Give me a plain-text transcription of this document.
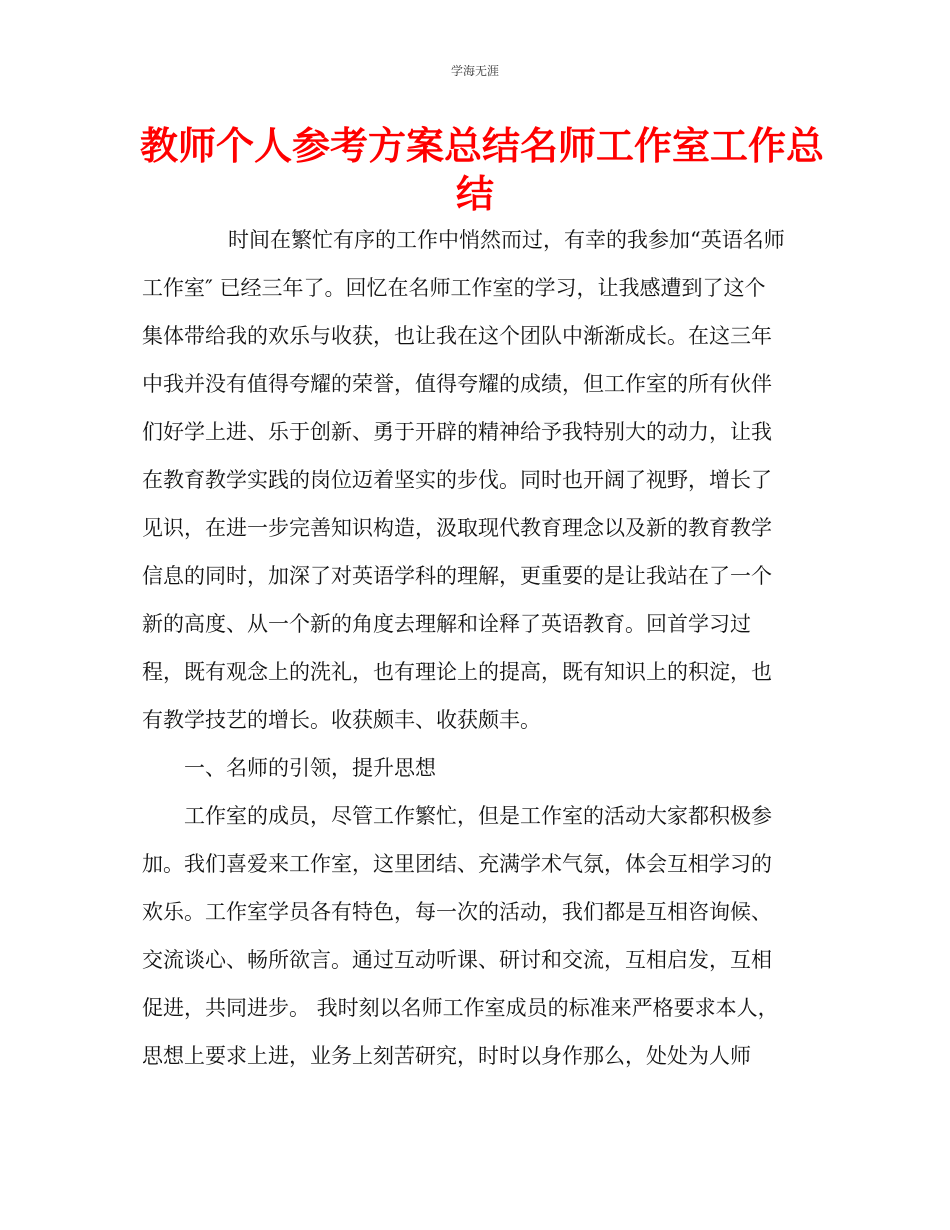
学海无涯
教师个人参考方案总结名师工作室工作总
结
时间在繁忙有序的工作中悄然而过，有幸的我参加“英语名师
工作室″ 已经三年了。回忆在名师工作室的学习，让我感遭到了这个
集体带给我的欢乐与收获，也让我在这个团队中渐渐成长。在这三年
中我并没有值得夸耀的荣誉，值得夸耀的成绩，但工作室的所有伙伴
们好学上进、乐于创新、勇于开辟的精神给予我特别大的动力，让我
在教育教学实践的岗位迈着坚实的步伐。同时也开阔了视野，增长了
见识，在进一步完善知识构造，汲取现代教育理念以及新的教育教学
信息的同时，加深了对英语学科的理解，更重要的是让我站在了一个
新的高度、从一个新的角度去理解和诠释了英语教育。回首学习过
程，既有观念上的洗礼，也有理论上的提高，既有知识上的积淀，也
有教学技艺的增长。收获颇丰、收获颇丰。
一、名师的引领，提升思想
工作室的成员，尽管工作繁忙，但是工作室的活动大家都积极参
加。我们喜爱来工作室，这里团结、充满学术气氛，体会互相学习的
欢乐。工作室学员各有特色，每一次的活动，我们都是互相咨询候、
交流谈心、畅所欲言。通过互动听课、研讨和交流，互相启发，互相
促进，共同进步。 我时刻以名师工作室成员的标准来严格要求本人，
思想上要求上进，业务上刻苦研究，时时以身作那么，处处为人师
